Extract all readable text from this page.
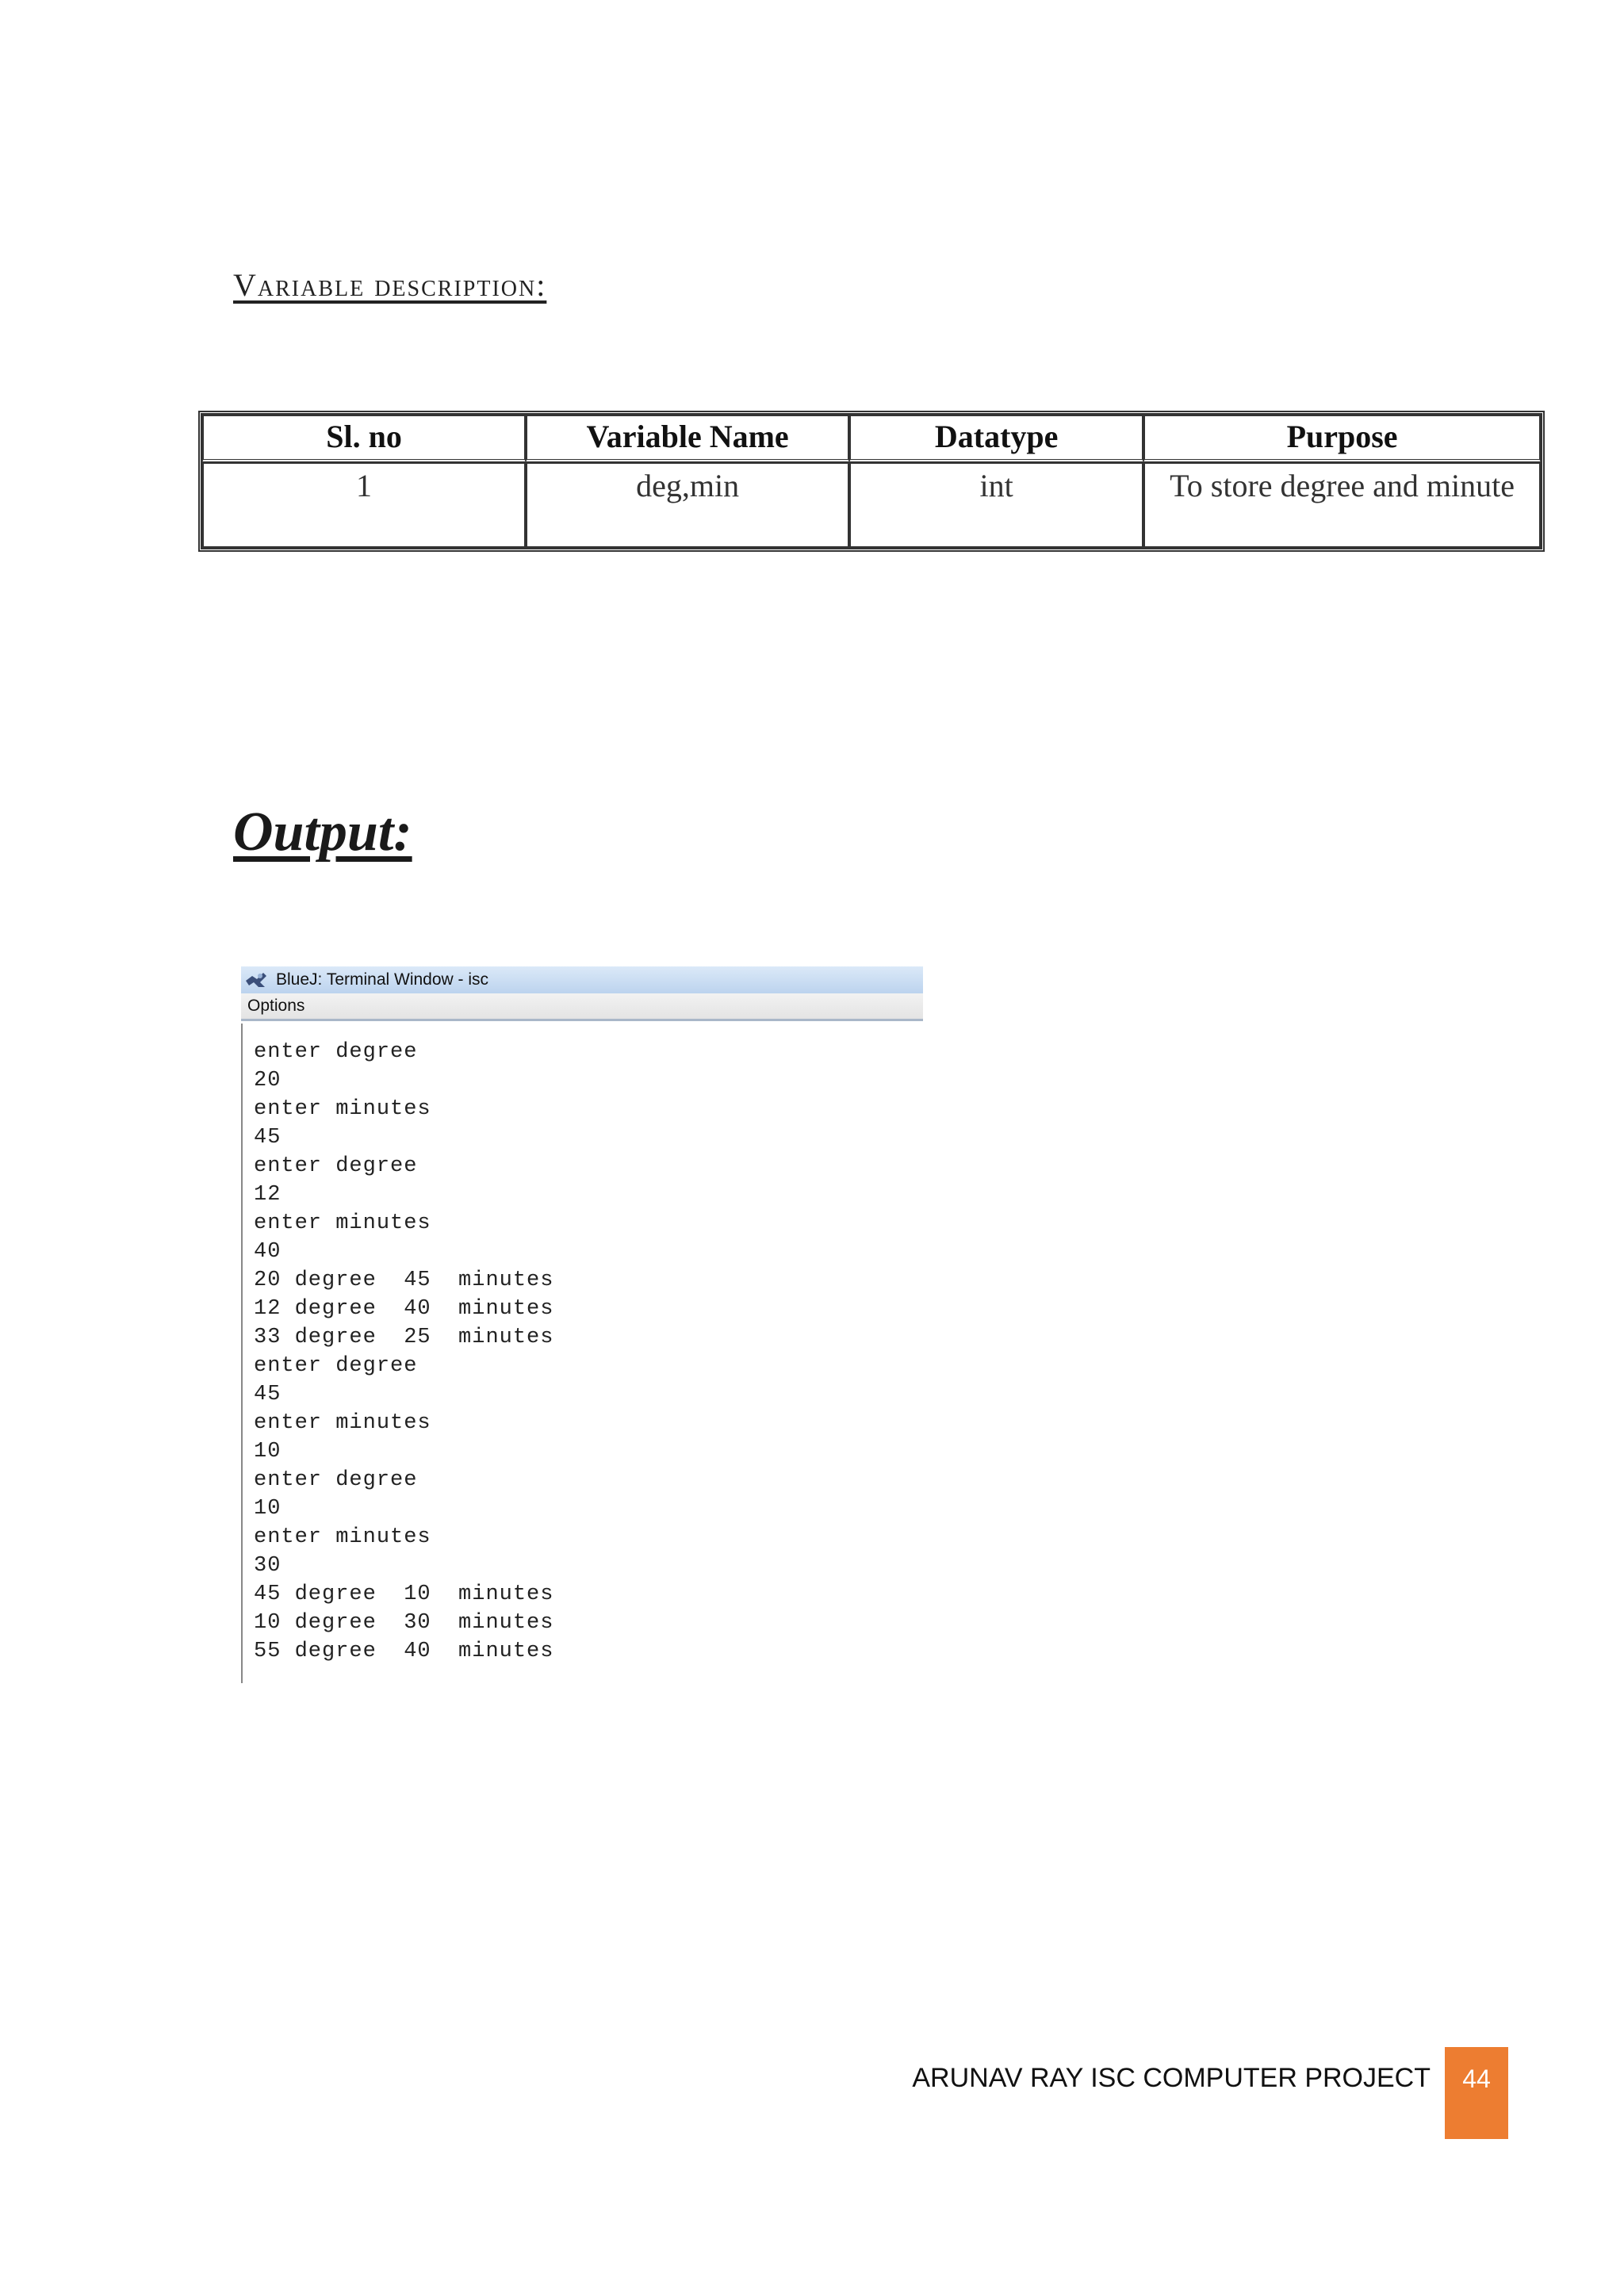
Variable description:
Sl. no	Variable Name	Datatype	Purpose
1	deg,min	int	To store degree and minute
Output:
BlueJ: Terminal Window - isc
Options
enter degree
20
enter minutes
45
enter degree
12
enter minutes
40
20 degree  45  minutes
12 degree  40  minutes
33 degree  25  minutes
enter degree
45
enter minutes
10
enter degree
10
enter minutes
30
45 degree  10  minutes
10 degree  30  minutes
55 degree  40  minutes
ARUNAV RAY ISC COMPUTER PROJECT 44
